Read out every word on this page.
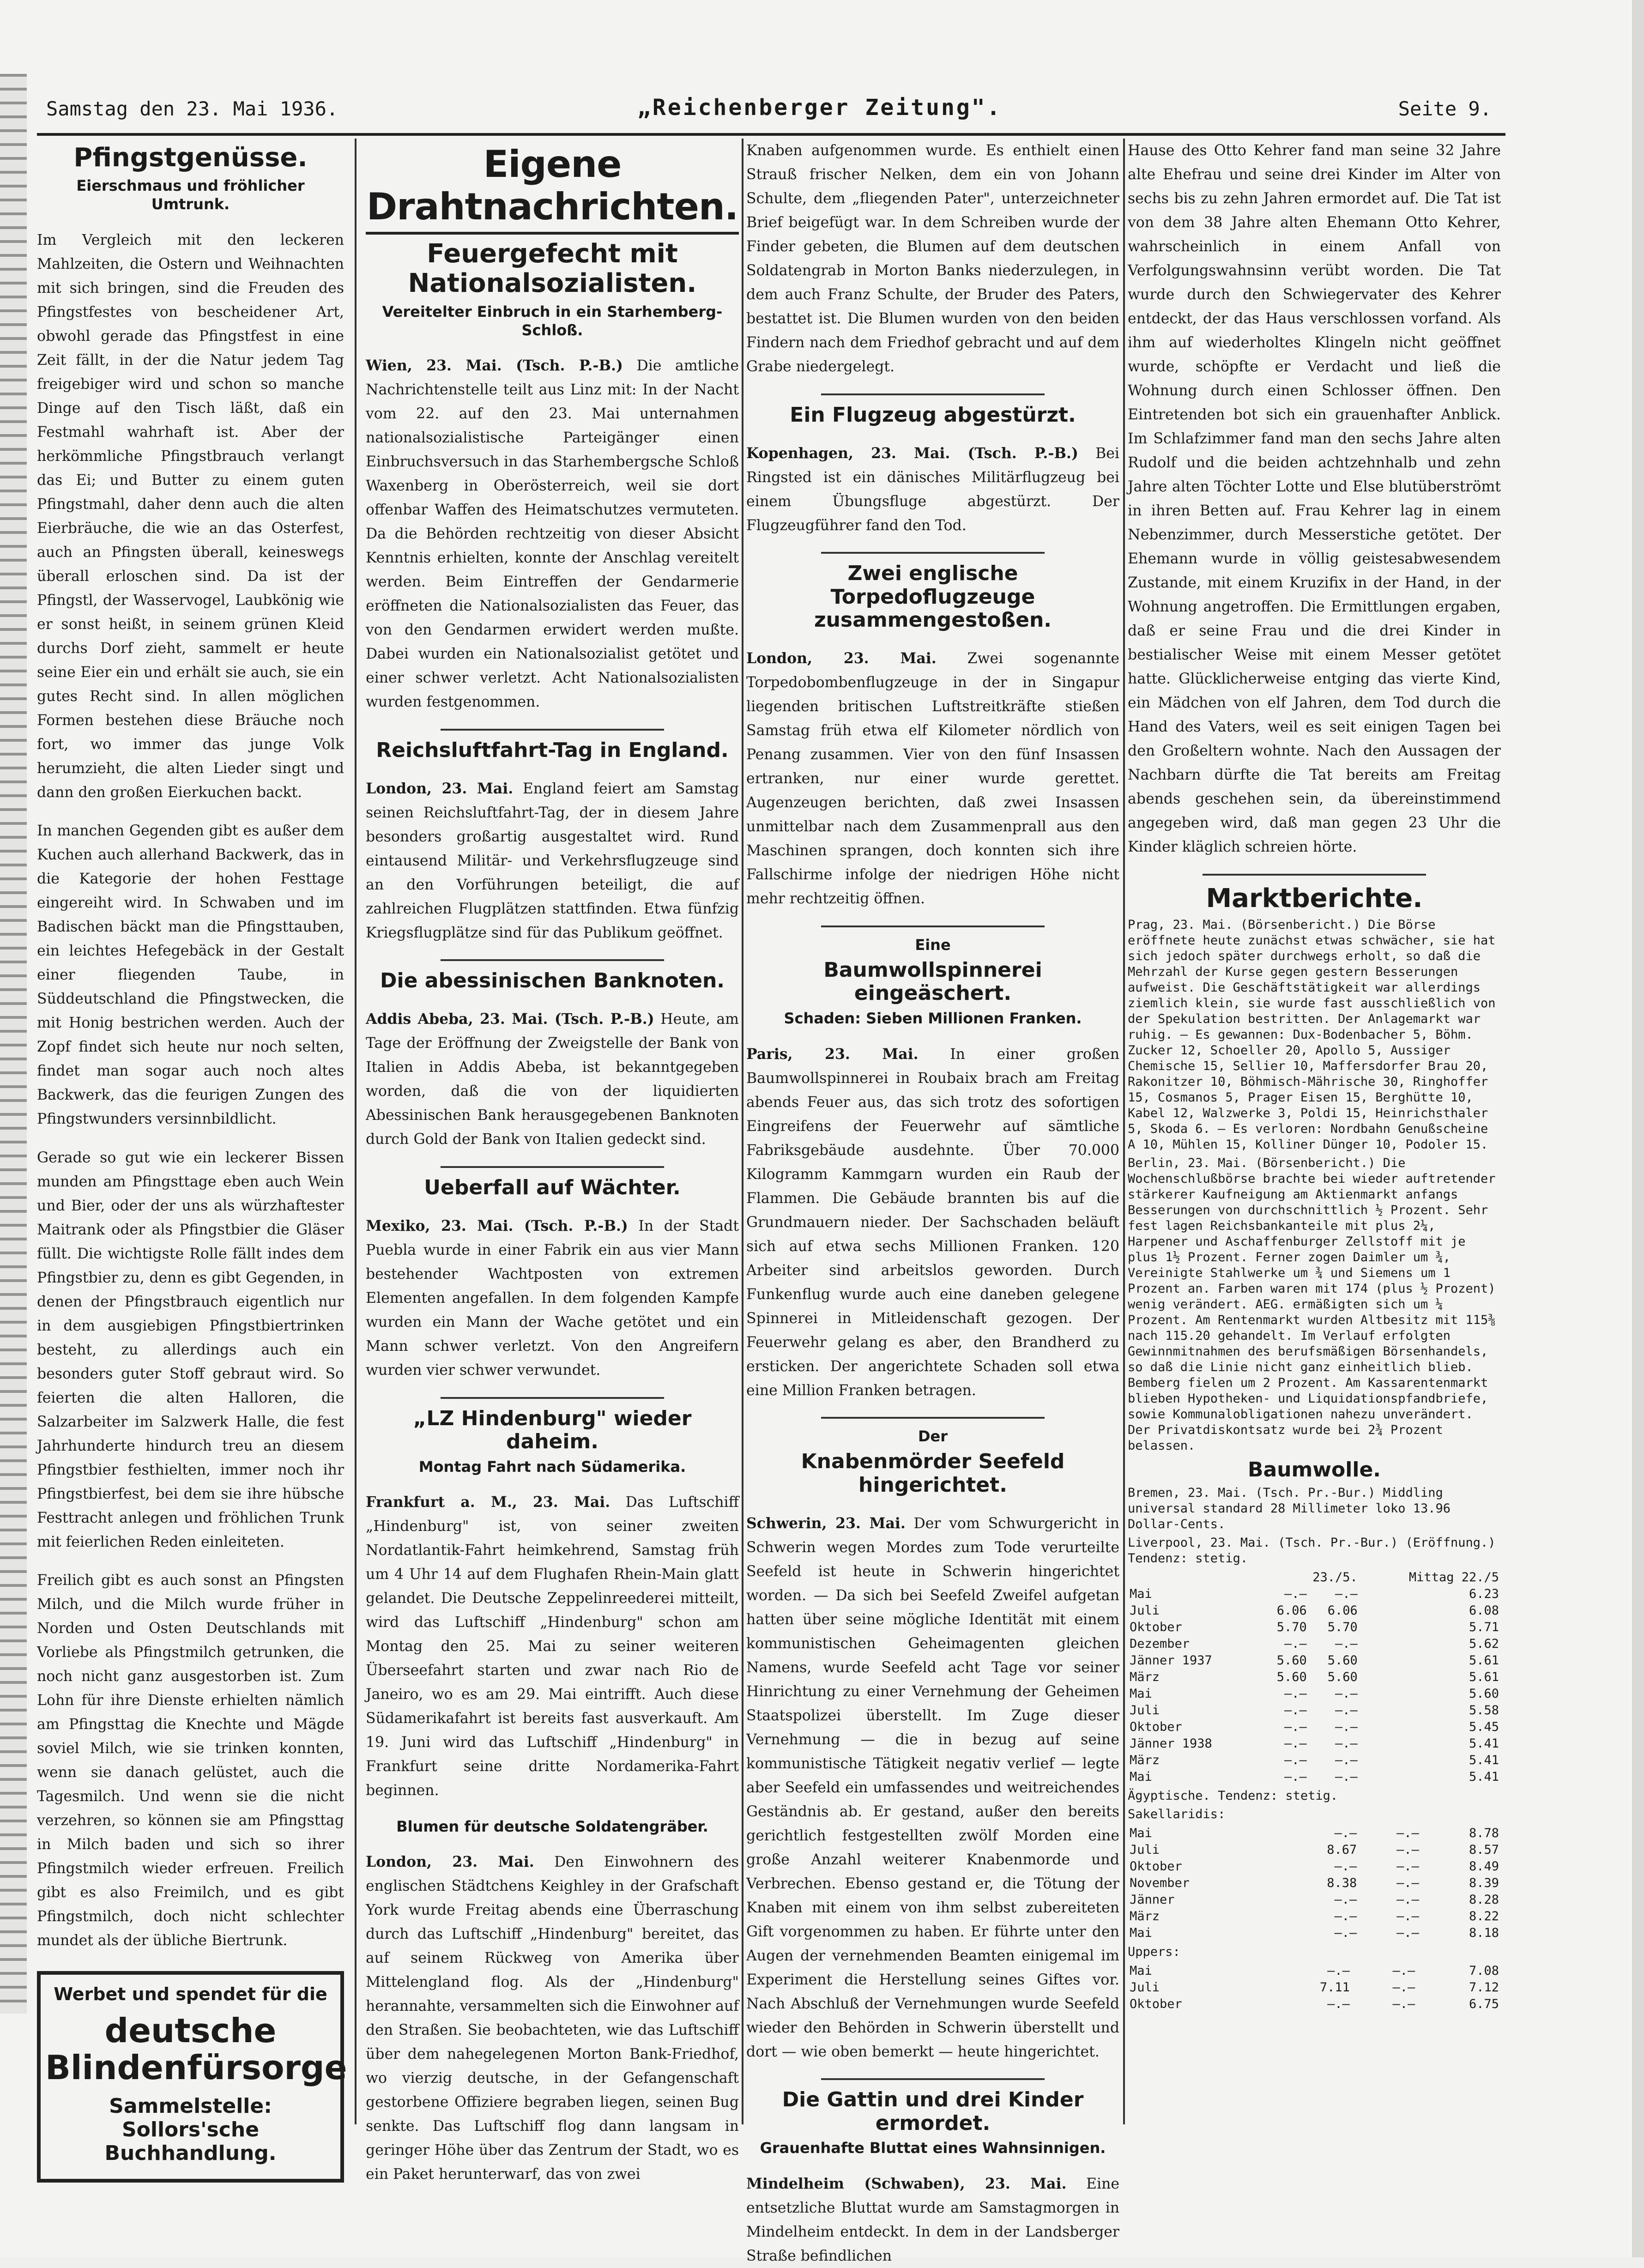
Samstag den 23. Mai 1936.	„Reichenberger Zeitung".	Seite 9.
Pfingstgenüsse.
Eierschmaus und fröhlicher Umtrunk.

Im Vergleich mit den leckeren Mahlzeiten, die Ostern und Weihnachten mit sich bringen, sind die Freuden des Pfingstfestes von bescheidener Art, obwohl gerade das Pfingstfest in eine Zeit fällt, in der die Natur jedem Tag freigebiger wird und schon so manche Dinge auf den Tisch läßt, daß ein Festmahl wahrhaft ist. Aber der herkömmliche Pfingstbrauch verlangt das Ei; und Butter zu einem guten Pfingstmahl, daher denn auch die alten Eierbräuche, die wie an das Osterfest, auch an Pfingsten überall, keineswegs überall erloschen sind. Da ist der Pfingstl, der Wasservogel, Laubkönig wie er sonst heißt, in seinem grünen Kleid durchs Dorf zieht, sammelt er heute seine Eier ein und erhält sie auch, sie ein gutes Recht sind. In allen möglichen Formen bestehen diese Bräuche noch fort, wo immer das junge Volk herumzieht, die alten Lieder singt und dann den großen Eierkuchen backt.

In manchen Gegenden gibt es außer dem Kuchen auch allerhand Backwerk, das in die Kategorie der hohen Festtage eingereiht wird. In Schwaben und im Badischen bäckt man die Pfingsttauben, ein leichtes Hefegebäck in der Gestalt einer fliegenden Taube, in Süddeutschland die Pfingstwecken, die mit Honig bestrichen werden. Auch der Zopf findet sich heute nur noch selten, findet man sogar auch noch altes Backwerk, das die feurigen Zungen des Pfingstwunders versinnbildlicht.

Gerade so gut wie ein leckerer Bissen munden am Pfingsttage eben auch Wein und Bier, oder der uns als würzhaftester Maitrank oder als Pfingstbier die Gläser füllt. Die wichtigste Rolle fällt indes dem Pfingstbier zu, denn es gibt Gegenden, in denen der Pfingstbrauch eigentlich nur in dem ausgiebigen Pfingstbiertrinken besteht, zu allerdings auch ein besonders guter Stoff gebraut wird. So feierten die alten Halloren, die Salzarbeiter im Salzwerk Halle, die fest Jahrhunderte hindurch treu an diesem Pfingstbier festhielten, immer noch ihr Pfingstbierfest, bei dem sie ihre hübsche Festtracht anlegen und fröhlichen Trunk mit feierlichen Reden einleiteten.

Freilich gibt es auch sonst an Pfingsten Milch, und die Milch wurde früher in Norden und Osten Deutschlands mit Vorliebe als Pfingstmilch getrunken, die noch nicht ganz ausgestorben ist. Zum Lohn für ihre Dienste erhielten nämlich am Pfingsttag die Knechte und Mägde soviel Milch, wie sie trinken konnten, wenn sie danach gelüstet, auch die Tagesmilch. Und wenn sie die nicht verzehren, so können sie am Pfingsttag in Milch baden und sich so ihrer Pfingstmilch wieder erfreuen. Freilich gibt es also Freimilch, und es gibt Pfingstmilch, doch nicht schlechter mundet als der übliche Biertrunk.

Werbet und spendet für die
deutsche Blindenfürsorge
Sammelstelle: Sollors'sche Buchhandlung.
Eigene Drahtnachrichten.
Feuergefecht mit Nationalsozialisten.
Vereitelter Einbruch in ein Starhemberg-Schloß.

Wien, 23. Mai. (Tsch. P.-B.) Die amtliche Nachrichtenstelle teilt aus Linz mit: In der Nacht vom 22. auf den 23. Mai unternahmen nationalsozialistische Parteigänger einen Einbruchsversuch in das Starhembergsche Schloß Waxenberg in Oberösterreich, weil sie dort offenbar Waffen des Heimatschutzes vermuteten. Da die Behörden rechtzeitig von dieser Absicht Kenntnis erhielten, konnte der Anschlag vereitelt werden. Beim Eintreffen der Gendarmerie eröffneten die Nationalsozialisten das Feuer, das von den Gendarmen erwidert werden mußte. Dabei wurden ein Nationalsozialist getötet und einer schwer verletzt. Acht Nationalsozialisten wurden festgenommen.

Reichsluftfahrt-Tag in England.

London, 23. Mai. England feiert am Samstag seinen Reichsluftfahrt-Tag, der in diesem Jahre besonders großartig ausgestaltet wird. Rund eintausend Militär- und Verkehrsflugzeuge sind an den Vorführungen beteiligt, die auf zahlreichen Flugplätzen stattfinden. Etwa fünfzig Kriegsflugplätze sind für das Publikum geöffnet.

Die abessinischen Banknoten.

Addis Abeba, 23. Mai. (Tsch. P.-B.) Heute, am Tage der Eröffnung der Zweigstelle der Bank von Italien in Addis Abeba, ist bekanntgegeben worden, daß die von der liquidierten Abessinischen Bank herausgegebenen Banknoten durch Gold der Bank von Italien gedeckt sind.

Ueberfall auf Wächter.

Mexiko, 23. Mai. (Tsch. P.-B.) In der Stadt Puebla wurde in einer Fabrik ein aus vier Mann bestehender Wachtposten von extremen Elementen angefallen. In dem folgenden Kampfe wurden ein Mann der Wache getötet und ein Mann schwer verletzt. Von den Angreifern wurden vier schwer verwundet.

„LZ Hindenburg" wieder daheim.
Montag Fahrt nach Südamerika.

Frankfurt a. M., 23. Mai. Das Luftschiff „Hindenburg" ist, von seiner zweiten Nordatlantik-Fahrt heimkehrend, Samstag früh um 4 Uhr 14 auf dem Flughafen Rhein-Main glatt gelandet. Die Deutsche Zeppelinreederei mitteilt, wird das Luftschiff „Hindenburg" schon am Montag den 25. Mai zu seiner weiteren Überseefahrt starten und zwar nach Rio de Janeiro, wo es am 29. Mai eintrifft. Auch diese Südamerikafahrt ist bereits fast ausverkauft. Am 19. Juni wird das Luftschiff „Hindenburg" in Frankfurt seine dritte Nordamerika-Fahrt beginnen.

Blumen für deutsche Soldatengräber.

London, 23. Mai. Den Einwohnern des englischen Städtchens Keighley in der Grafschaft York wurde Freitag abends eine Überraschung durch das Luftschiff „Hindenburg" bereitet, das auf seinem Rückweg von Amerika über Mittelengland flog. Als der „Hindenburg" herannahte, versammelten sich die Einwohner auf den Straßen. Sie beobachteten, wie das Luftschiff über dem nahegelegenen Morton Bank-Friedhof, wo vierzig deutsche, in der Gefangenschaft gestorbene Offiziere begraben liegen, seinen Bug senkte. Das Luftschiff flog dann langsam in geringer Höhe über das Zentrum der Stadt, wo es ein Paket herunterwarf, das von zwei

Knaben aufgenommen wurde. Es enthielt einen Strauß frischer Nelken, dem ein von Johann Schulte, dem „fliegenden Pater", unterzeichneter Brief beigefügt war. In dem Schreiben wurde der Finder gebeten, die Blumen auf dem deutschen Soldatengrab in Morton Banks niederzulegen, in dem auch Franz Schulte, der Bruder des Paters, bestattet ist. Die Blumen wurden von den beiden Findern nach dem Friedhof gebracht und auf dem Grabe niedergelegt.

Ein Flugzeug abgestürzt.

Kopenhagen, 23. Mai. (Tsch. P.-B.) Bei Ringsted ist ein dänisches Militärflugzeug bei einem Übungsfluge abgestürzt. Der Flugzeugführer fand den Tod.

Zwei englische Torpedoflugzeuge zusammengestoßen.

London, 23. Mai. Zwei sogenannte Torpedobombenflugzeuge in der in Singapur liegenden britischen Luftstreitkräfte stießen Samstag früh etwa elf Kilometer nördlich von Penang zusammen. Vier von den fünf Insassen ertranken, nur einer wurde gerettet. Augenzeugen berichten, daß zwei Insassen unmittelbar nach dem Zusammenprall aus den Maschinen sprangen, doch konnten sich ihre Fallschirme infolge der niedrigen Höhe nicht mehr rechtzeitig öffnen.

Eine
Baumwollspinnerei eingeäschert.
Schaden: Sieben Millionen Franken.

Paris, 23. Mai. In einer großen Baumwollspinnerei in Roubaix brach am Freitag abends Feuer aus, das sich trotz des sofortigen Eingreifens der Feuerwehr auf sämtliche Fabriksgebäude ausdehnte. Über 70.000 Kilogramm Kammgarn wurden ein Raub der Flammen. Die Gebäude brannten bis auf die Grundmauern nieder. Der Sachschaden beläuft sich auf etwa sechs Millionen Franken. 120 Arbeiter sind arbeitslos geworden. Durch Funkenflug wurde auch eine daneben gelegene Spinnerei in Mitleidenschaft gezogen. Der Feuerwehr gelang es aber, den Brandherd zu ersticken. Der angerichtete Schaden soll etwa eine Million Franken betragen.

Der
Knabenmörder Seefeld hingerichtet.

Schwerin, 23. Mai. Der vom Schwurgericht in Schwerin wegen Mordes zum Tode verurteilte Seefeld ist heute in Schwerin hingerichtet worden. — Da sich bei Seefeld Zweifel aufgetan hatten über seine mögliche Identität mit einem kommunistischen Geheimagenten gleichen Namens, wurde Seefeld acht Tage vor seiner Hinrichtung zu einer Vernehmung der Geheimen Staatspolizei überstellt. Im Zuge dieser Vernehmung — die in bezug auf seine kommunistische Tätigkeit negativ verlief — legte aber Seefeld ein umfassendes und weitreichendes Geständnis ab. Er gestand, außer den bereits gerichtlich festgestellten zwölf Morden eine große Anzahl weiterer Knabenmorde und Verbrechen. Ebenso gestand er, die Tötung der Knaben mit einem von ihm selbst zubereiteten Gift vorgenommen zu haben. Er führte unter den Augen der vernehmenden Beamten einigemal im Experiment die Herstellung seines Giftes vor. Nach Abschluß der Vernehmungen wurde Seefeld wieder den Behörden in Schwerin überstellt und dort — wie oben bemerkt — heute hingerichtet.

Die Gattin und drei Kinder ermordet.
Grauenhafte Bluttat eines Wahnsinnigen.

Mindelheim (Schwaben), 23. Mai. Eine entsetzliche Bluttat wurde am Samstagmorgen in Mindelheim entdeckt. In dem in der Landsberger Straße befindlichen

Hause des Otto Kehrer fand man seine 32 Jahre alte Ehefrau und seine drei Kinder im Alter von sechs bis zu zehn Jahren ermordet auf. Die Tat ist von dem 38 Jahre alten Ehemann Otto Kehrer, wahrscheinlich in einem Anfall von Verfolgungswahnsinn verübt worden. Die Tat wurde durch den Schwiegervater des Kehrer entdeckt, der das Haus verschlossen vorfand. Als ihm auf wiederholtes Klingeln nicht geöffnet wurde, schöpfte er Verdacht und ließ die Wohnung durch einen Schlosser öffnen. Den Eintretenden bot sich ein grauenhafter Anblick. Im Schlafzimmer fand man den sechs Jahre alten Rudolf und die beiden achtzehnhalb und zehn Jahre alten Töchter Lotte und Else blutüberströmt in ihren Betten auf. Frau Kehrer lag in einem Nebenzimmer, durch Messerstiche getötet. Der Ehemann wurde in völlig geistesabwesendem Zustande, mit einem Kruzifix in der Hand, in der Wohnung angetroffen. Die Ermittlungen ergaben, daß er seine Frau und die drei Kinder in bestialischer Weise mit einem Messer getötet hatte. Glücklicherweise entging das vierte Kind, ein Mädchen von elf Jahren, dem Tod durch die Hand des Vaters, weil es seit einigen Tagen bei den Großeltern wohnte. Nach den Aussagen der Nachbarn dürfte die Tat bereits am Freitag abends geschehen sein, da übereinstimmend angegeben wird, daß man gegen 23 Uhr die Kinder kläglich schreien hörte.

Marktberichte.

Prag, 23. Mai. (Börsenbericht.) Die Börse eröffnete heute zunächst etwas schwächer, sie hat sich jedoch später durchwegs erholt, so daß die Mehrzahl der Kurse gegen gestern Besserungen aufweist. Die Geschäftstätigkeit war allerdings ziemlich klein, sie wurde fast ausschließlich von der Spekulation bestritten. Der Anlagemarkt war ruhig. — Es gewannen: Dux-Bodenbacher 5, Böhm. Zucker 12, Schoeller 20, Apollo 5, Aussiger Chemische 15, Sellier 10, Maffersdorfer Brau 20, Rakonitzer 10, Böhmisch-Mährische 30, Ringhoffer 15, Cosmanos 5, Prager Eisen 15, Berghütte 10, Kabel 12, Walzwerke 3, Poldi 15, Heinrichsthaler 5, Skoda 6. — Es verloren: Nordbahn Genußscheine A 10, Mühlen 15, Kolliner Dünger 10, Podoler 15.

Berlin, 23. Mai. (Börsenbericht.) Die Wochenschlußbörse brachte bei wieder auftretender stärkerer Kaufneigung am Aktienmarkt anfangs Besserungen von durchschnittlich ½ Prozent. Sehr fest lagen Reichsbankanteile mit plus 2¼, Harpener und Aschaffenburger Zellstoff mit je plus 1½ Prozent. Ferner zogen Daimler um ¾, Vereinigte Stahlwerke um ¾ und Siemens um 1 Prozent an. Farben waren mit 174 (plus ½ Prozent) wenig verändert. AEG. ermäßigten sich um ¼ Prozent. Am Rentenmarkt wurden Altbesitz mit 115⅜ nach 115.20 gehandelt. Im Verlauf erfolgten Gewinnmitnahmen des berufsmäßigen Börsenhandels, so daß die Linie nicht ganz einheitlich blieb. Bemberg fielen um 2 Prozent. Am Kassarentenmarkt blieben Hypotheken- und Liquidationspfandbriefe, sowie Kommunalobligationen nahezu unverändert. Der Privatdiskontsatz wurde bei 2¾ Prozent belassen.

Baumwolle.

Bremen, 23. Mai. (Tsch. Pr.-Bur.) Middling universal standard 28 Millimeter loko 13.96 Dollar-Cents.

Liverpool, 23. Mai. (Tsch. Pr.-Bur.) (Eröffnung.) Tendenz: stetig.

	23./5.		Mittag 22./5
Mai	—.—	—.—	6.23
Juli	6.06	6.06	6.08
Oktober	5.70	5.70	5.71
Dezember	—.—	—.—	5.62
Jänner 1937	5.60	5.60	5.61
März	5.60	5.60	5.61
Mai	—.—	—.—	5.60
Juli	—.—	—.—	5.58
Oktober	—.—	—.—	5.45
Jänner 1938	—.—	—.—	5.41
März	—.—	—.—	5.41
Mai	—.—	—.—	5.41

Ägyptische. Tendenz: stetig.

Sakellaridis:

Mai	—.—	—.—	8.78
Juli	8.67	—.—	8.57
Oktober	—.—	—.—	8.49
November	8.38	—.—	8.39
Jänner	—.—	—.—	8.28
März	—.—	—.—	8.22
Mai	—.—	—.—	8.18

Uppers:

Mai	—.—	—.—	7.08
Juli	7.11	—.—	7.12
Oktober	—.—	—.—	6.75
